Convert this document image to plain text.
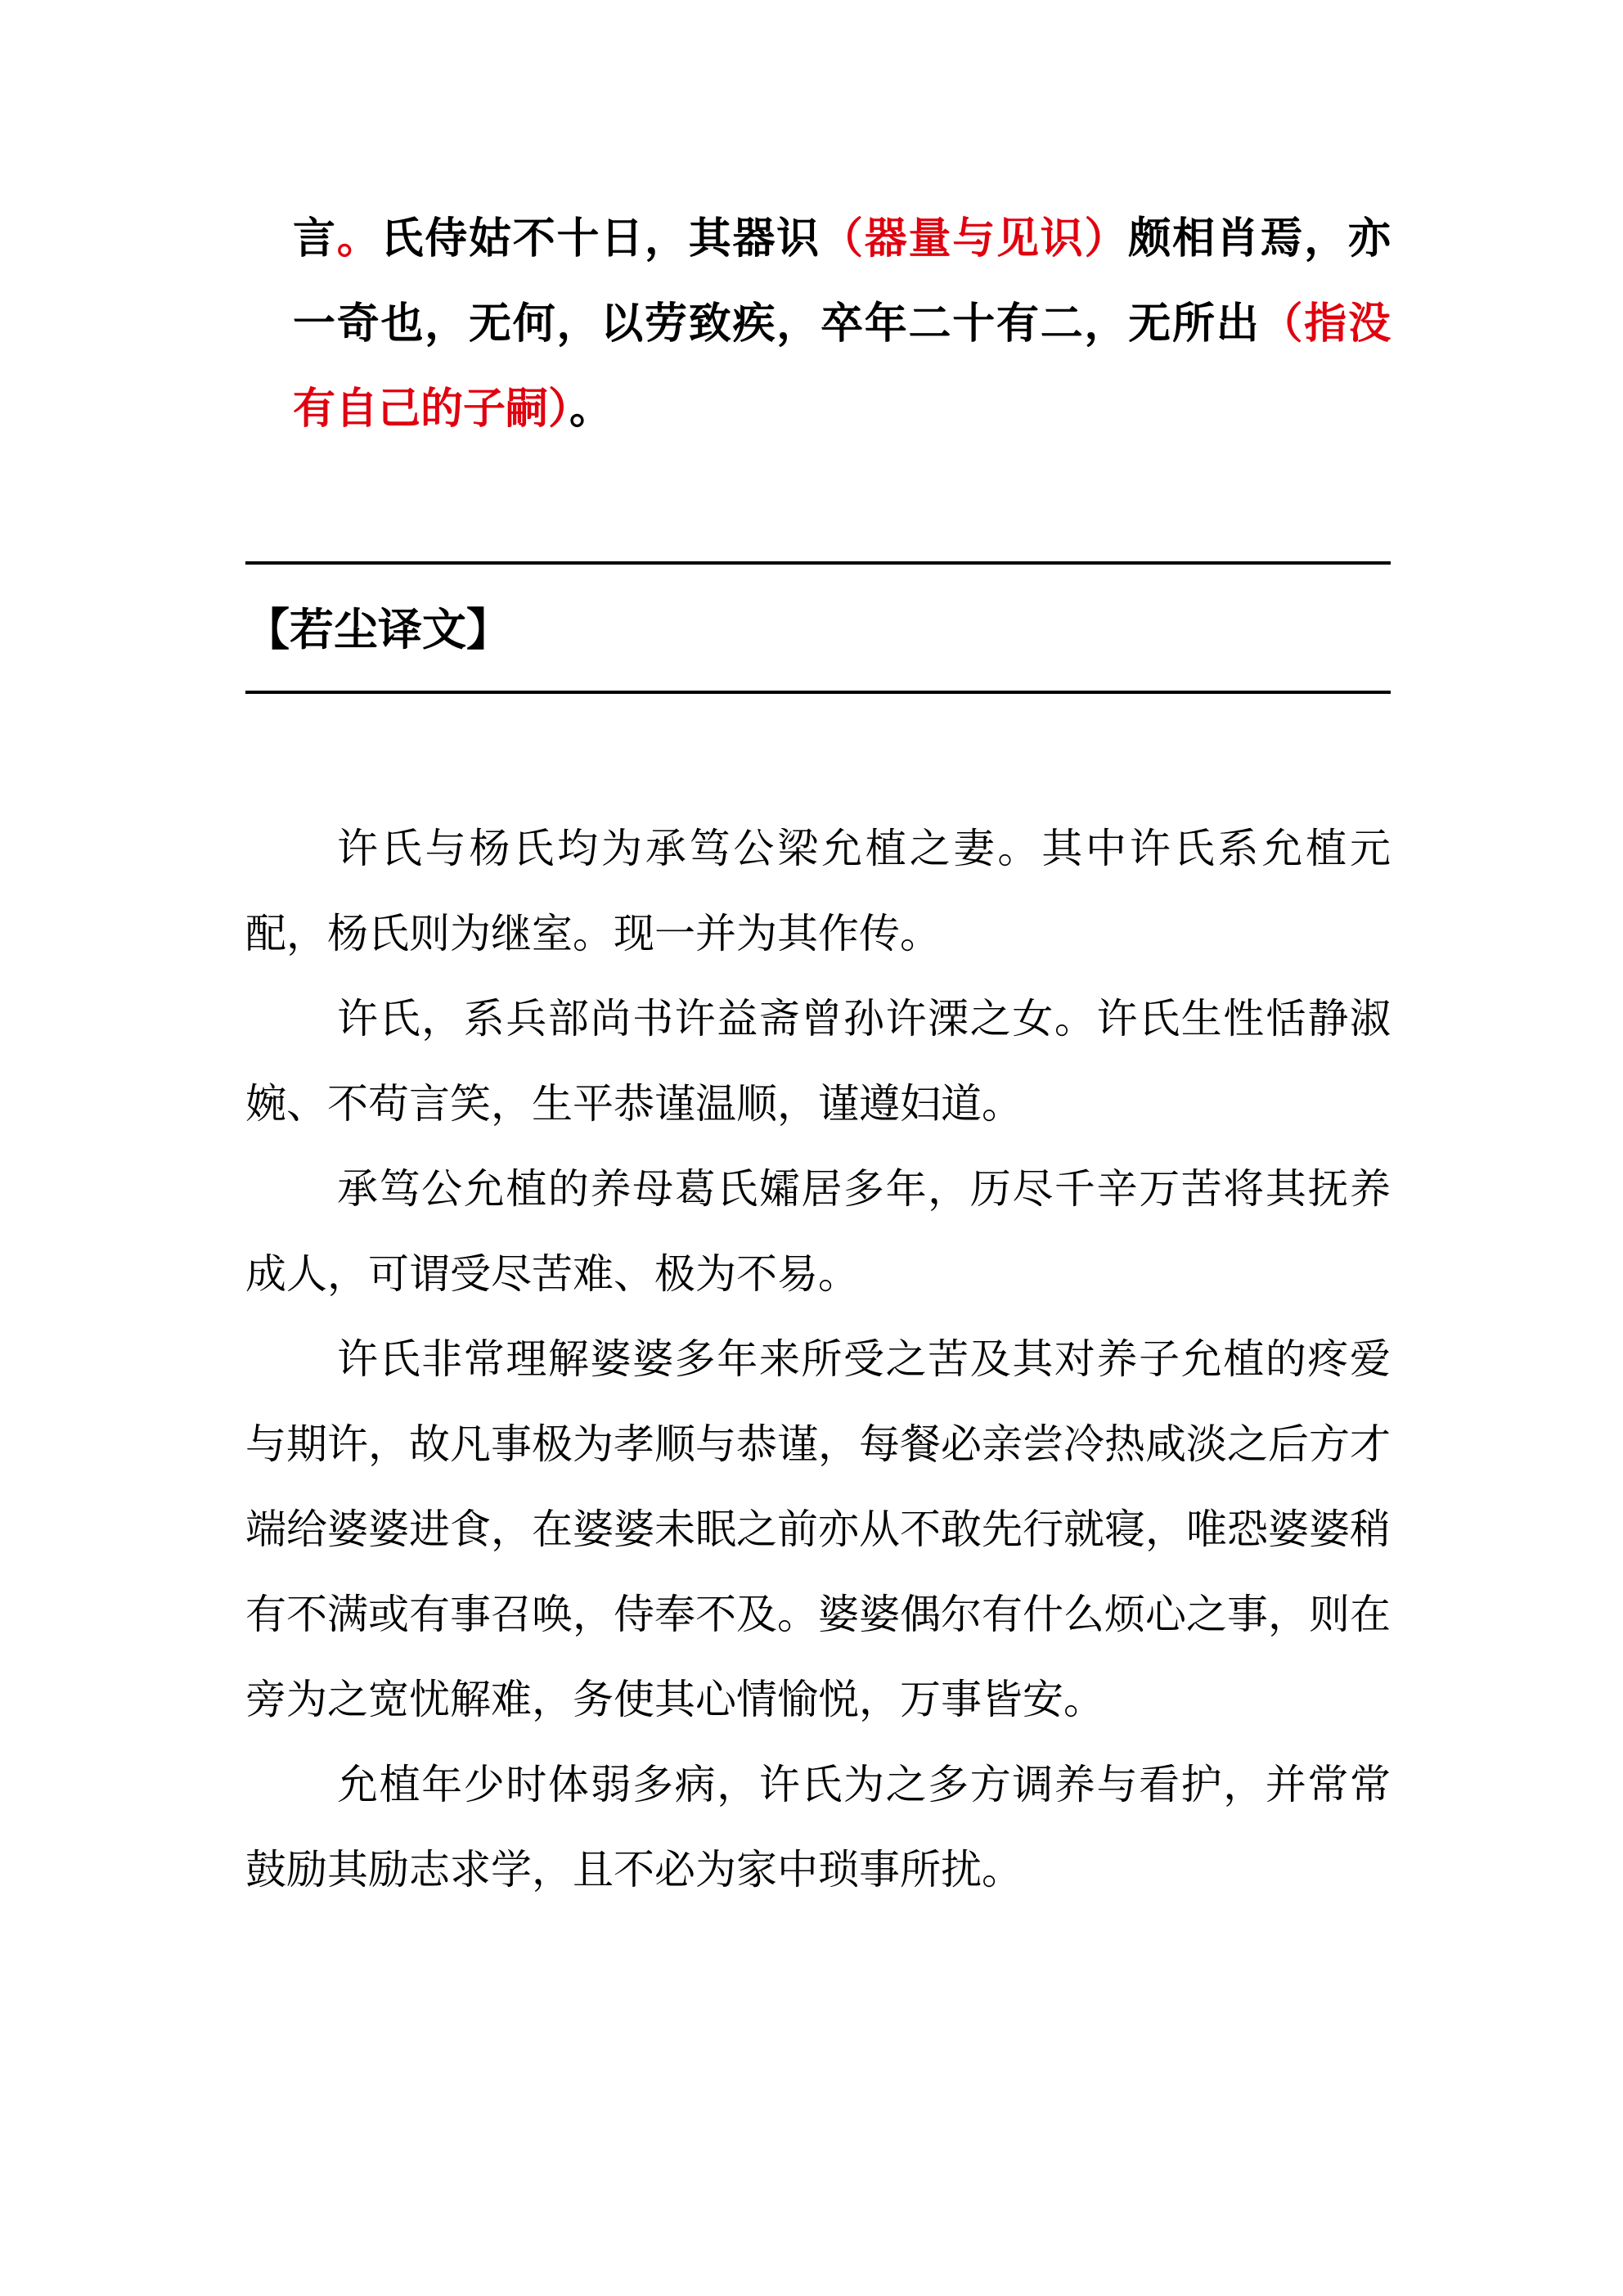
言。氏侍姑不十日，其器识（器量与见识）颇相肖焉，亦一奇也，无何，以劳致疾，卒年二十有二，无所出（指没有自己的子嗣）。
【若尘译文】

许氏与杨氏均为承笃公梁允植之妻。其中许氏系允植元配，杨氏则为继室。现一并为其作传。

许氏，系兵部尚书许益斋曾孙许溧之女。许氏生性恬静淑婉、不苟言笑，生平恭谨温顺，谨遵妇道。

承笃公允植的养母葛氏孀居多年，历尽千辛万苦将其抚养成人，可谓受尽苦难、极为不易。

许氏非常理解婆婆多年来所受之苦及其对养子允植的疼爱与期许，故凡事极为孝顺与恭谨，每餐必亲尝冷热咸淡之后方才端给婆婆进食，在婆婆未眠之前亦从不敢先行就寝，唯恐婆婆稍有不满或有事召唤，侍奉不及。婆婆偶尔有什么烦心之事，则在旁为之宽忧解难，务使其心情愉悦，万事皆安。

允植年少时体弱多病，许氏为之多方调养与看护，并常常鼓励其励志求学，且不必为家中琐事所扰。
